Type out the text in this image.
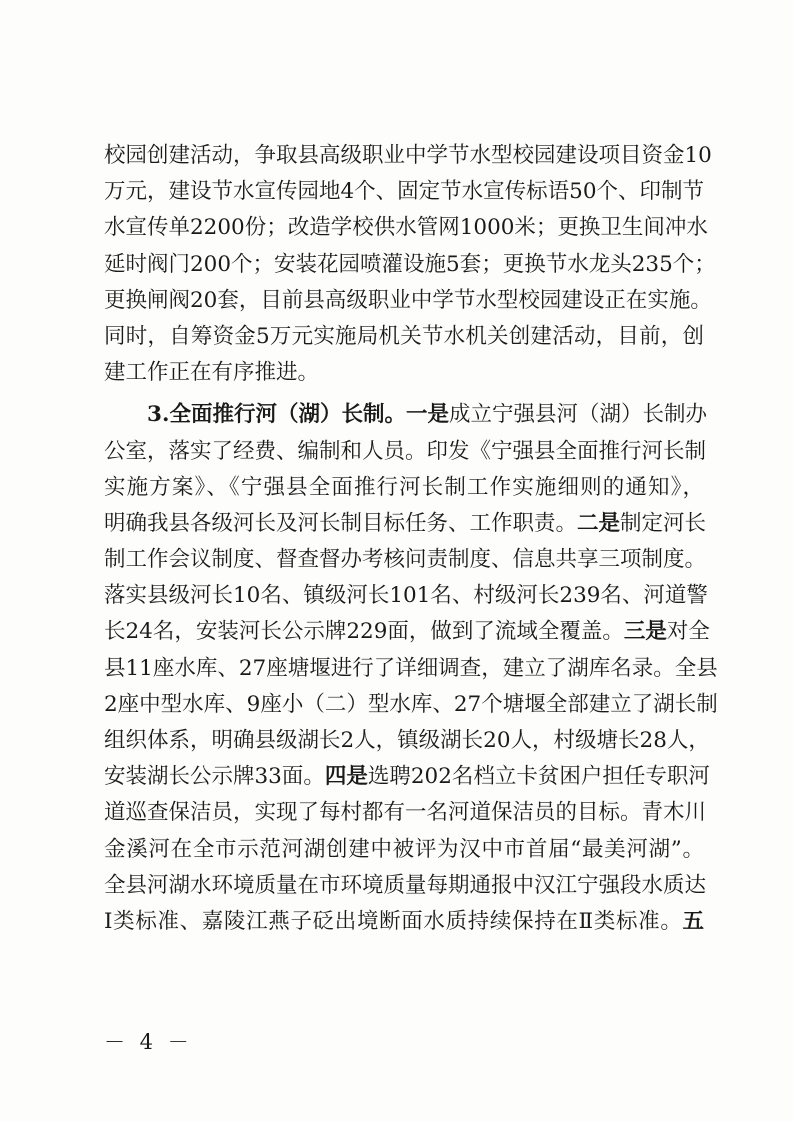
校园创建活动，争取县高级职业中学节水型校园建设项目资金10
万元，建设节水宣传园地4个、固定节水宣传标语50个、印制节
水宣传单2200份；改造学校供水管网1000米；更换卫生间冲水
延时阀门200个；安装花园喷灌设施5套；更换节水龙头235个；
更换闸阀20套，目前县高级职业中学节水型校园建设正在实施。
同时，自筹资金5万元实施局机关节水机关创建活动，目前，创
建工作正在有序推进。
3.全面推行河（湖）长制。一是成立宁强县河（湖）长制办
公室，落实了经费、编制和人员。印发《宁强县全面推行河长制
实施方案》、《宁强县全面推行河长制工作实施细则的通知》，
明确我县各级河长及河长制目标任务、工作职责。二是制定河长
制工作会议制度、督查督办考核问责制度、信息共享三项制度。
落实县级河长10名、镇级河长101名、村级河长239名、河道警
长24名，安装河长公示牌229面，做到了流域全覆盖。三是对全
县11座水库、27座塘堰进行了详细调查，建立了湖库名录。全县
2座中型水库、9座小（二）型水库、27个塘堰全部建立了湖长制
组织体系，明确县级湖长2人，镇级湖长20人，村级塘长28人，
安装湖长公示牌33面。四是选聘202名档立卡贫困户担任专职河
道巡查保洁员，实现了每村都有一名河道保洁员的目标。青木川
金溪河在全市示范河湖创建中被评为汉中市首届“最美河湖”。
全县河湖水环境质量在市环境质量每期通报中汉江宁强段水质达
Ⅰ类标准、嘉陵江燕子砭出境断面水质持续保持在Ⅱ类标准。五
－ 4 －
